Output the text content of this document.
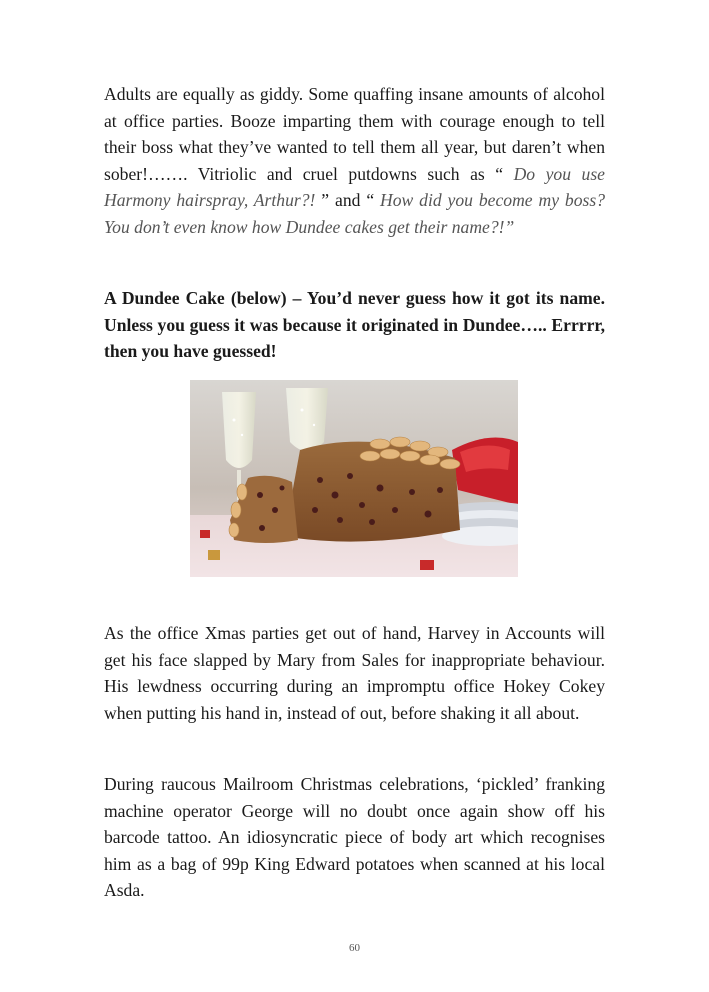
Adults are equally as giddy. Some quaffing insane amounts of alcohol at office parties. Booze imparting them with courage enough to tell their boss what they’ve wanted to tell them all year, but daren’t when sober!……. Vitriolic and cruel putdowns such as “ Do you use Harmony hairspray, Arthur?! ” and “ How did you become my boss? You don’t even know how Dundee cakes get their name?!”

A Dundee Cake (below) – You’d never guess how it got its name. Unless you guess it was because it originated in Dundee….. Errrrr, then you have guessed!

As the office Xmas parties get out of hand, Harvey in Accounts will get his face slapped by Mary from Sales for inappropriate behaviour. His lewdness occurring during an impromptu office Hokey Cokey when putting his hand in, instead of out, before shaking it all about.

During raucous Mailroom Christmas celebrations, ‘pickled’ franking machine operator George will no doubt once again show off his barcode tattoo. An idiosyncratic piece of body art which recognises him as a bag of 99p King Edward potatoes when scanned at his local Asda.

60
